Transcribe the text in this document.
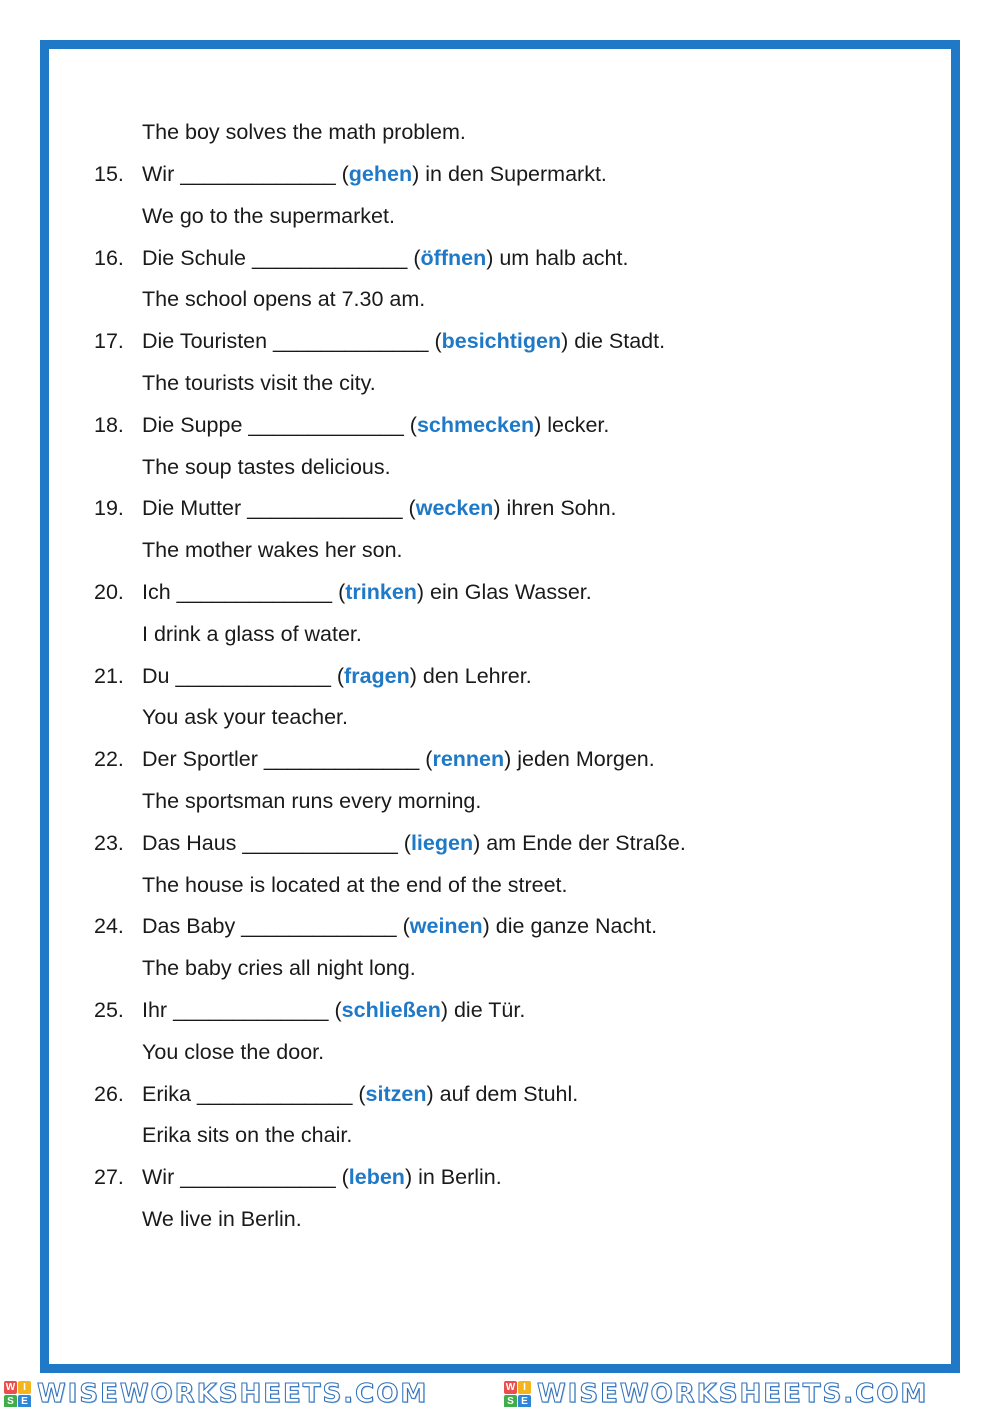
The boy solves the math problem.
15. Wir _____________ (gehen) in den Supermarkt.
We go to the supermarket.
16. Die Schule _____________ (öffnen) um halb acht.
The school opens at 7.30 am.
17. Die Touristen _____________ (besichtigen) die Stadt.
The tourists visit the city.
18. Die Suppe _____________ (schmecken) lecker.
The soup tastes delicious.
19. Die Mutter _____________ (wecken) ihren Sohn.
The mother wakes her son.
20. Ich _____________ (trinken) ein Glas Wasser.
I drink a glass of water.
21. Du _____________ (fragen) den Lehrer.
You ask your teacher.
22. Der Sportler _____________ (rennen) jeden Morgen.
The sportsman runs every morning.
23. Das Haus _____________ (liegen) am Ende der Straße.
The house is located at the end of the street.
24. Das Baby _____________ (weinen) die ganze Nacht.
The baby cries all night long.
25. Ihr _____________ (schließen) die Tür.
You close the door.
26. Erika _____________ (sitzen) auf dem Stuhl.
Erika sits on the chair.
27. Wir _____________ (leben) in Berlin.
We live in Berlin.
W I
S E WISEWORKSHEETS.COM	W I
S E WISEWORKSHEETS.COM
